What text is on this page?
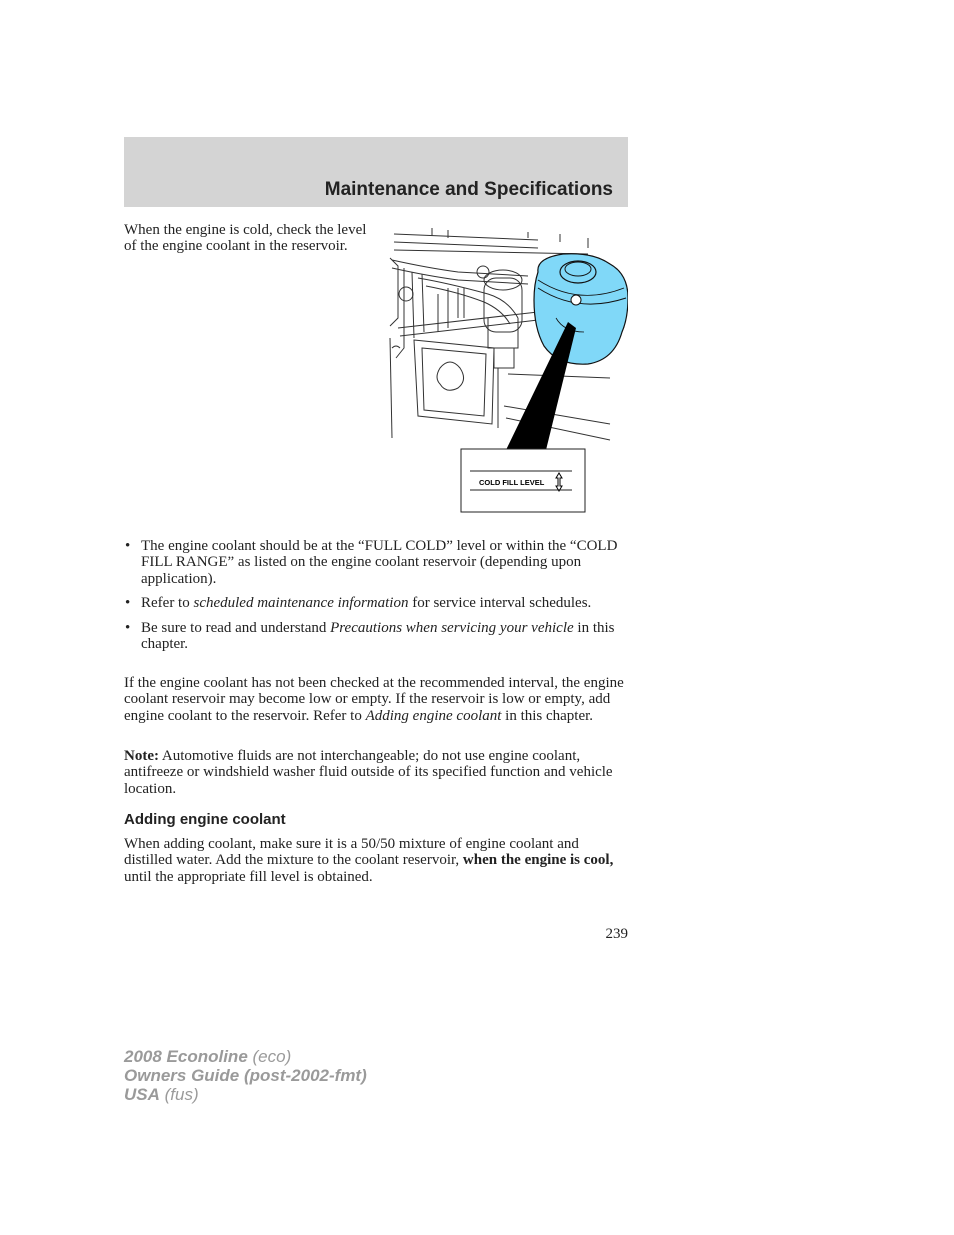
Maintenance and Specifications
When the engine is cold, check the level of the engine coolant in the reservoir.
COLD FILL LEVEL
• The engine coolant should be at the “FULL COLD” level or within the “COLD FILL RANGE” as listed on the engine coolant reservoir (depending upon application).
• Refer to scheduled maintenance information for service interval schedules.
• Be sure to read and understand Precautions when servicing your vehicle in this chapter.

If the engine coolant has not been checked at the recommended interval, the engine coolant reservoir may become low or empty. If the reservoir is low or empty, add engine coolant to the reservoir. Refer to Adding engine coolant in this chapter.

Note: Automotive fluids are not interchangeable; do not use engine coolant, antifreeze or windshield washer fluid outside of its specified function and vehicle location.

Adding engine coolant

When adding coolant, make sure it is a 50/50 mixture of engine coolant and distilled water. Add the mixture to the coolant reservoir, when the engine is cool, until the appropriate fill level is obtained.

239
2008 Econoline (eco)
Owners Guide (post-2002-fmt)
USA (fus)
